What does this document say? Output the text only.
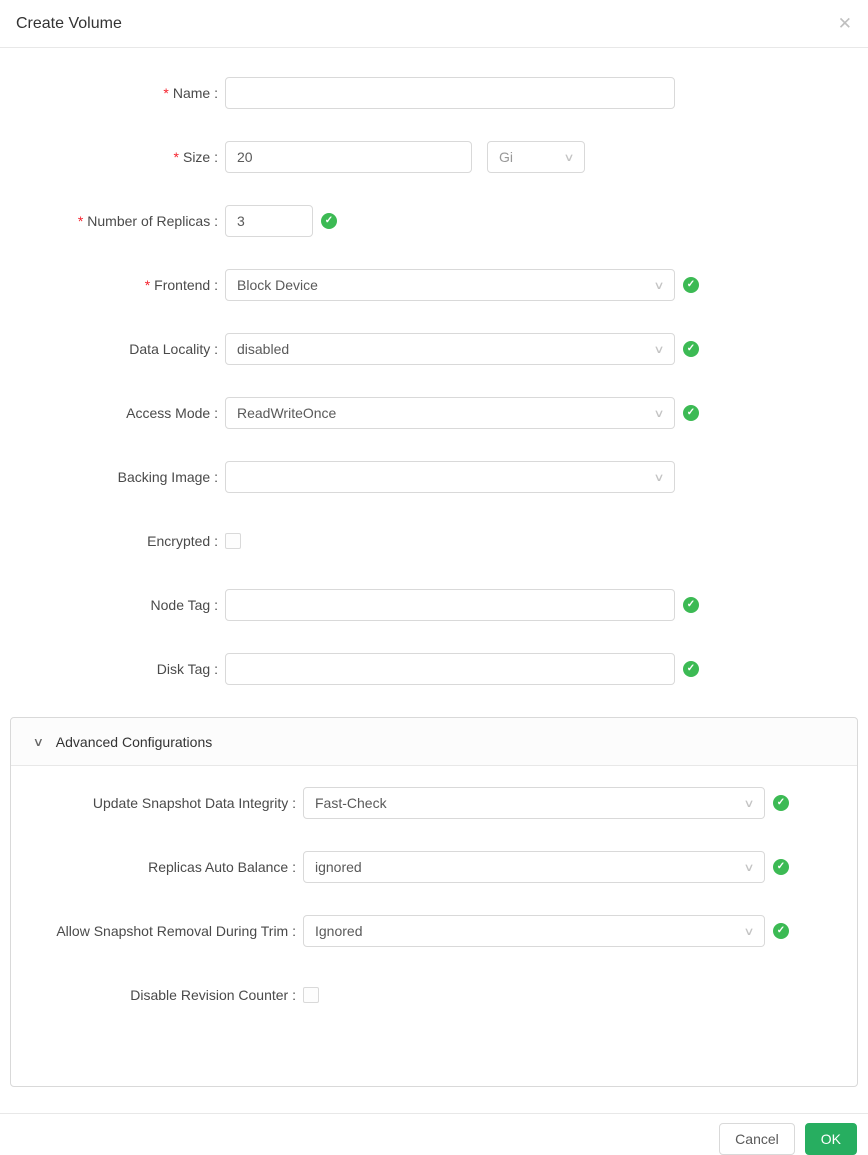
Create Volume	✕
* Name :
* Size :
20	Gi	∨
* Number of Replicas :
3	✓
* Frontend : Block Device	∨	✓
Data Locality : disabled	∨	✓
Access Mode : ReadWriteOnce	∨	✓
Backing Image :	∨
Encrypted :
Node Tag :	✓
Disk Tag :	✓
∨ Advanced Configurations
Update Snapshot Data Integrity : Fast-Check	∨	✓
Replicas Auto Balance : ignored	∨	✓
Allow Snapshot Removal During Trim : Ignored	∨	✓
Disable Revision Counter :
Cancel	OK
